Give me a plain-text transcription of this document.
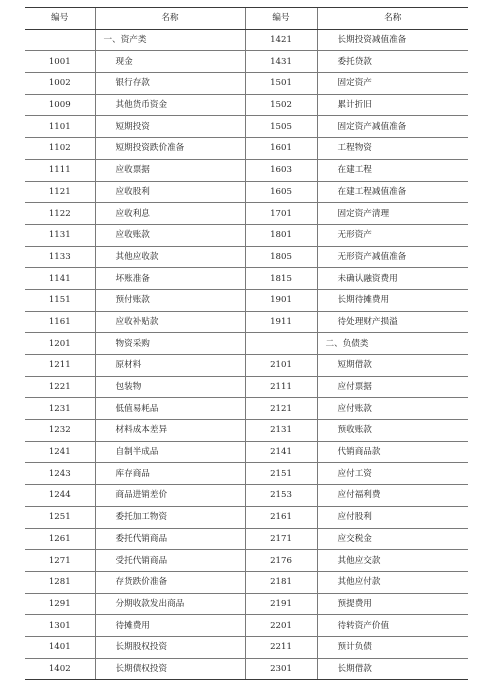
编号	名称	编号	名称
	一、资产类	1421	长期投资减值准备
1001	现金	1431	委托贷款
1002	银行存款	1501	固定资产
1009	其他货币资金	1502	累计折旧
1101	短期投资	1505	固定资产减值准备
1102	短期投资跌价准备	1601	工程物资
1111	应收票据	1603	在建工程
1121	应收股利	1605	在建工程减值准备
1122	应收利息	1701	固定资产清理
1131	应收账款	1801	无形资产
1133	其他应收款	1805	无形资产减值准备
1141	坏账准备	1815	未确认融资费用
1151	预付账款	1901	长期待摊费用
1161	应收补贴款	1911	待处理财产损溢
1201	物资采购		二、负债类
1211	原材料	2101	短期借款
1221	包装物	2111	应付票据
1231	低值易耗品	2121	应付账款
1232	材料成本差异	2131	预收账款
1241	自制半成品	2141	代销商品款
1243	库存商品	2151	应付工资
1244	商品进销差价	2153	应付福利费
1251	委托加工物资	2161	应付股利
1261	委托代销商品	2171	应交税金
1271	受托代销商品	2176	其他应交款
1281	存货跌价准备	2181	其他应付款
1291	分期收款发出商品	2191	预提费用
1301	待摊费用	2201	待转资产价值
1401	长期股权投资	2211	预计负债
1402	长期债权投资	2301	长期借款
